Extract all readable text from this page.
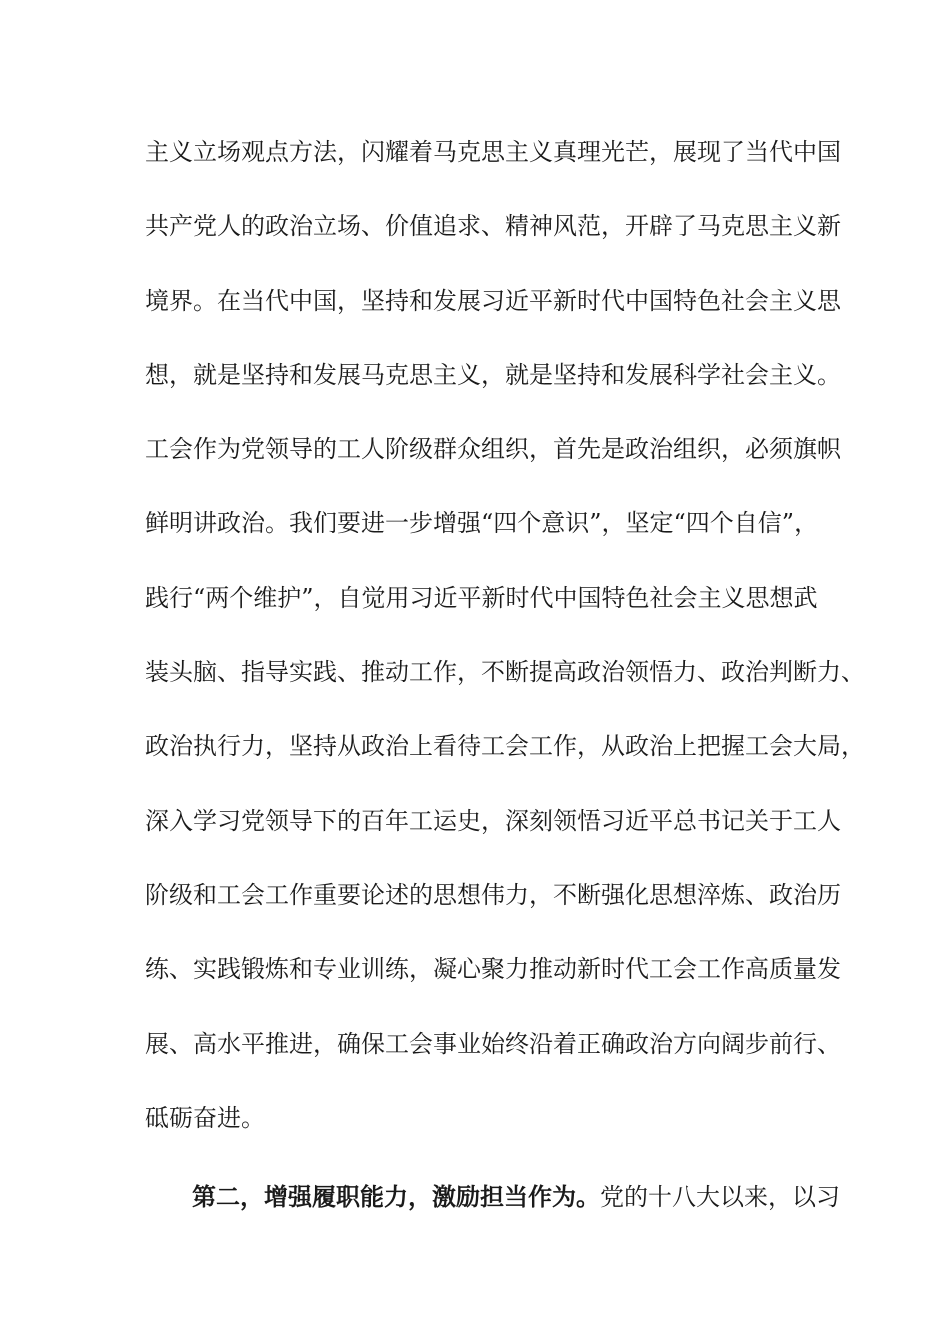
主义立场观点方法，闪耀着马克思主义真理光芒，展现了当代中国
共产党人的政治立场、价值追求、精神风范，开辟了马克思主义新
境界。在当代中国，坚持和发展习近平新时代中国特色社会主义思
想，就是坚持和发展马克思主义，就是坚持和发展科学社会主义。
工会作为党领导的工人阶级群众组织，首先是政治组织，必须旗帜
鲜明讲政治。我们要进一步增强“四个意识”，坚定“四个自信”，
践行“两个维护”，自觉用习近平新时代中国特色社会主义思想武
装头脑、指导实践、推动工作，不断提高政治领悟力、政治判断力、
政治执行力，坚持从政治上看待工会工作，从政治上把握工会大局，
深入学习党领导下的百年工运史，深刻领悟习近平总书记关于工人
阶级和工会工作重要论述的思想伟力，不断强化思想淬炼、政治历
练、实践锻炼和专业训练，凝心聚力推动新时代工会工作高质量发
展、高水平推进，确保工会事业始终沿着正确政治方向阔步前行、
砥砺奋进。
第二，增强履职能力，激励担当作为。党的十八大以来，以习
